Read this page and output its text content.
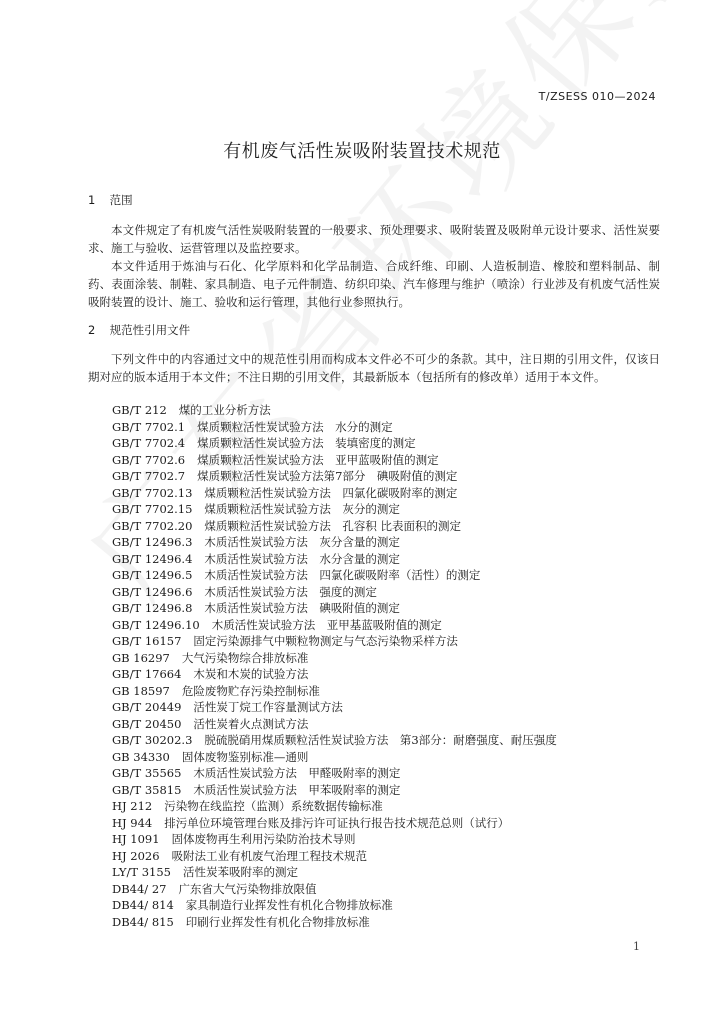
T/ZSESS 010—2024
有机废气活性炭吸附装置技术规范
1 范围

本文件规定了有机废气活性炭吸附装置的一般要求、预处理要求、吸附装置及吸附单元设计要求、活性炭要求、施工与验收、运营管理以及监控要求。

本文件适用于炼油与石化、化学原料和化学品制造、合成纤维、印刷、人造板制造、橡胶和塑料制品、制药、表面涂装、制鞋、家具制造、电子元件制造、纺织印染、汽车修理与维护（喷涂）行业涉及有机废气活性炭吸附装置的设计、施工、验收和运行管理，其他行业参照执行。

2 规范性引用文件

下列文件中的内容通过文中的规范性引用而构成本文件必不可少的条款。其中，注日期的引用文件，仅该日期对应的版本适用于本文件；不注日期的引用文件，其最新版本（包括所有的修改单）适用于本文件。

GB/T 212 煤的工业分析方法
GB/T 7702.1 煤质颗粒活性炭试验方法　水分的测定
GB/T 7702.4 煤质颗粒活性炭试验方法　装填密度的测定
GB/T 7702.6 煤质颗粒活性炭试验方法　亚甲蓝吸附值的测定
GB/T 7702.7 煤质颗粒活性炭试验方法第7部分　碘吸附值的测定
GB/T 7702.13 煤质颗粒活性炭试验方法　四氯化碳吸附率的测定
GB/T 7702.15 煤质颗粒活性炭试验方法　灰分的测定
GB/T 7702.20 煤质颗粒活性炭试验方法　孔容积 比表面积的测定
GB/T 12496.3 木质活性炭试验方法　灰分含量的测定
GB/T 12496.4 木质活性炭试验方法　水分含量的测定
GB/T 12496.5 木质活性炭试验方法　四氯化碳吸附率（活性）的测定
GB/T 12496.6 木质活性炭试验方法　强度的测定
GB/T 12496.8 木质活性炭试验方法　碘吸附值的测定
GB/T 12496.10 木质活性炭试验方法　亚甲基蓝吸附值的测定
GB/T 16157 固定污染源排气中颗粒物测定与气态污染物采样方法
GB 16297 大气污染物综合排放标准
GB/T 17664 木炭和木炭的试验方法
GB 18597 危险废物贮存污染控制标准
GB/T 20449 活性炭丁烷工作容量测试方法
GB/T 20450 活性炭着火点测试方法
GB/T 30202.3 脱硫脱硝用煤质颗粒活性炭试验方法　第3部分：耐磨强度、耐压强度
GB 34330 固体废物鉴别标准—通则
GB/T 35565 木质活性炭试验方法　甲醛吸附率的测定
GB/T 35815 木质活性炭试验方法　甲苯吸附率的测定
HJ 212 污染物在线监控（监测）系统数据传输标准
HJ 944 排污单位环境管理台账及排污许可证执行报告技术规范总则（试行）
HJ 1091 固体废物再生利用污染防治技术导则
HJ 2026 吸附法工业有机废气治理工程技术规范
LY/T 3155 活性炭苯吸附率的测定
DB44/ 27 广东省大气污染物排放限值
DB44/ 814 家具制造行业挥发性有机化合物排放标准
DB44/ 815 印刷行业挥发性有机化合物排放标准
1
